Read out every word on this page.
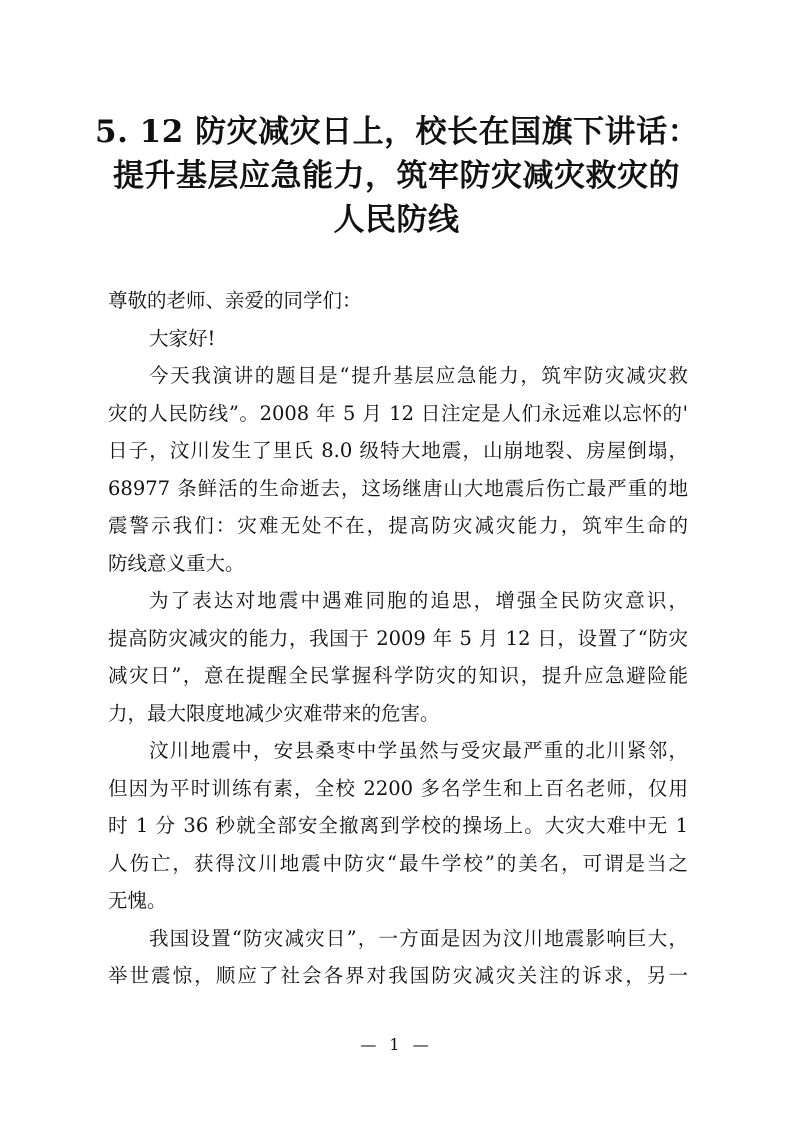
5. 12 防灾减灾日上，校长在国旗下讲话：
提升基层应急能力，筑牢防灾减灾救灾的
人民防线
尊敬的老师、亲爱的同学们：
大家好!
今天我演讲的题目是“提升基层应急能力，筑牢防灾减灾救
灾的人民防线”。2008 年 5 月 12 日注定是人们永远难以忘怀的'
日子，汶川发生了里氏 8.0 级特大地震，山崩地裂、房屋倒塌，
68977 条鲜活的生命逝去，这场继唐山大地震后伤亡最严重的地
震警示我们：灾难无处不在，提高防灾减灾能力，筑牢生命的
防线意义重大。
为了表达对地震中遇难同胞的追思，增强全民防灾意识，
提高防灾减灾的能力，我国于 2009 年 5 月 12 日，设置了“防灾
减灾日”，意在提醒全民掌握科学防灾的知识，提升应急避险能
力，最大限度地减少灾难带来的危害。
汶川地震中，安县桑枣中学虽然与受灾最严重的北川紧邻，
但因为平时训练有素，全校 2200 多名学生和上百名老师，仅用
时 1 分 36 秒就全部安全撤离到学校的操场上。大灾大难中无 1
人伤亡，获得汶川地震中防灾“最牛学校”的美名，可谓是当之
无愧。
我国设置“防灾减灾日”，一方面是因为汶川地震影响巨大，
举世震惊，顺应了社会各界对我国防灾减灾关注的诉求，另一
— 1 —
